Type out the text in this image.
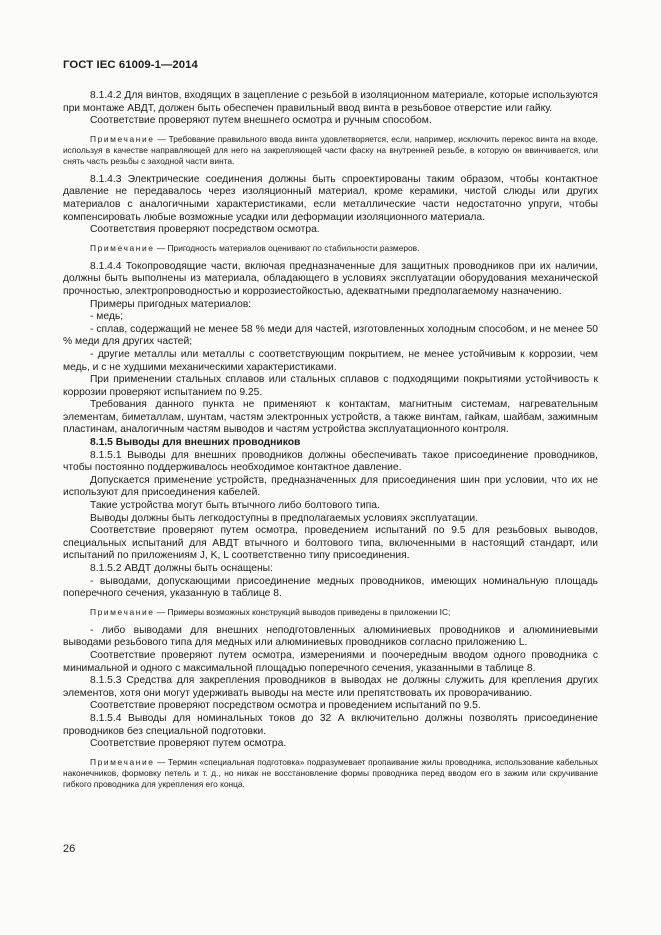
ГОСТ IEC 61009-1—2014

8.1.4.2 Для винтов, входящих в зацепление с резьбой в изоляционном материале, которые используются при монтаже АВДТ, должен быть обеспечен правильный ввод винта в резьбовое отверстие или гайку.

Соответствие проверяют путем внешнего осмотра и ручным способом.

Примечание — Требование правильного ввода винта удовлетворяется, если, например, исключить перекос винта на входе, используя в качестве направляющей для него на закрепляющей части фаску на внутренней резьбе, в которую он ввинчивается, или снять часть резьбы с заходной части винта.

8.1.4.3 Электрические соединения должны быть спроектированы таким образом, чтобы контактное давление не передавалось через изоляционный материал, кроме керамики, чистой слюды или других материалов с аналогичными характеристиками, если металлические части недостаточно упруги, чтобы компенсировать любые возможные усадки или деформации изоляционного материала.

Соответствия проверяют посредством осмотра.

Примечание — Пригодность материалов оценивают по стабильности размеров.

8.1.4.4 Токопроводящие части, включая предназначенные для защитных проводников при их наличии, должны быть выполнены из материала, обладающего в условиях эксплуатации оборудования механической прочностью, электропроводностью и коррозиестойкостью, адекватными предполагаемому назначению.

Примеры пригодных материалов:

- медь;

- сплав, содержащий не менее 58 % меди для частей, изготовленных холодным способом, и не менее 50 % меди для других частей;

- другие металлы или металлы с соответствующим покрытием, не менее устойчивым к коррозии, чем медь, и с не худшими механическими характеристиками.

При применении стальных сплавов или стальных сплавов с подходящими покрытиями устойчивость к коррозии проверяют испытанием по 9.25.

Требования данного пункта не применяют к контактам, магнитным системам, нагревательным элементам, биметаллам, шунтам, частям электронных устройств, а также винтам, гайкам, шайбам, зажимным пластинам, аналогичным частям выводов и частям устройства эксплуатационного контроля.

8.1.5 Выводы для внешних проводников

8.1.5.1 Выводы для внешних проводников должны обеспечивать такое присоединение проводников, чтобы постоянно поддерживалось необходимое контактное давление.

Допускается применение устройств, предназначенных для присоединения шин при условии, что их не используют для присоединения кабелей.

Такие устройства могут быть втычного либо болтового типа.

Выводы должны быть легкодоступны в предполагаемых условиях эксплуатации.

Соответствие проверяют путем осмотра, проведением испытаний по 9.5 для резьбовых выводов, специальных испытаний для АВДТ втычного и болтового типа, включенными в настоящий стандарт, или испытаний по приложениям J, K, L соответственно типу присоединения.

8.1.5.2 АВДТ должны быть оснащены:

- выводами, допускающими присоединение медных проводников, имеющих номинальную площадь поперечного сечения, указанную в таблице 8.

Примечание — Примеры возможных конструкций выводов приведены в приложении IC;

- либо выводами для внешних неподготовленных алюминиевых проводников и алюминиевыми выводами резьбового типа для медных или алюминиевых проводников согласно приложению L.

Соответствие проверяют путем осмотра, измерениями и поочередным вводом одного проводника с минимальной и одного с максимальной площадью поперечного сечения, указанными в таблице 8.

8.1.5.3 Средства для закрепления проводников в выводах не должны служить для крепления других элементов, хотя они могут удерживать выводы на месте или препятствовать их проворачиванию.

Соответствие проверяют посредством осмотра и проведением испытаний по 9.5.

8.1.5.4 Выводы для номинальных токов до 32 А включительно должны позволять присоединение проводников без специальной подготовки.

Соответствие проверяют путем осмотра.

Примечание — Термин «специальная подготовка» подразумевает пропаивание жилы проводника, использование кабельных наконечников, формовку петель и т. д., но никак не восстановление формы проводника перед вводом его в зажим или скручивание гибкого проводника для укрепления его конца.

26
